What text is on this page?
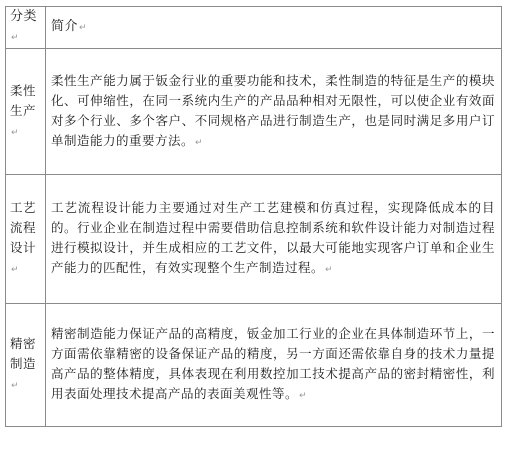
分类↵	简介↵
柔性生产↵	柔性生产能力属于钣金行业的重要功能和技术，柔性制造的特征是生产的模块化、可伸缩性，在同一系统内生产的产品品种相对无限性，可以使企业有效面对多个行业、多个客户、不同规格产品进行制造生产，也是同时满足多用户订单制造能力的重要方法。↵
工艺流程设计↵	工艺流程设计能力主要通过对生产工艺建模和仿真过程，实现降低成本的目的。行业企业在制造过程中需要借助信息控制系统和软件设计能力对制造过程进行模拟设计，并生成相应的工艺文件，以最大可能地实现客户订单和企业生产能力的匹配性，有效实现整个生产制造过程。↵
精密制造↵	精密制造能力保证产品的高精度，钣金加工行业的企业在具体制造环节上，一方面需依靠精密的设备保证产品的精度，另一方面还需依靠自身的技术力量提高产品的整体精度，具体表现在利用数控加工技术提高产品的密封精密性，利用表面处理技术提高产品的表面美观性等。↵
